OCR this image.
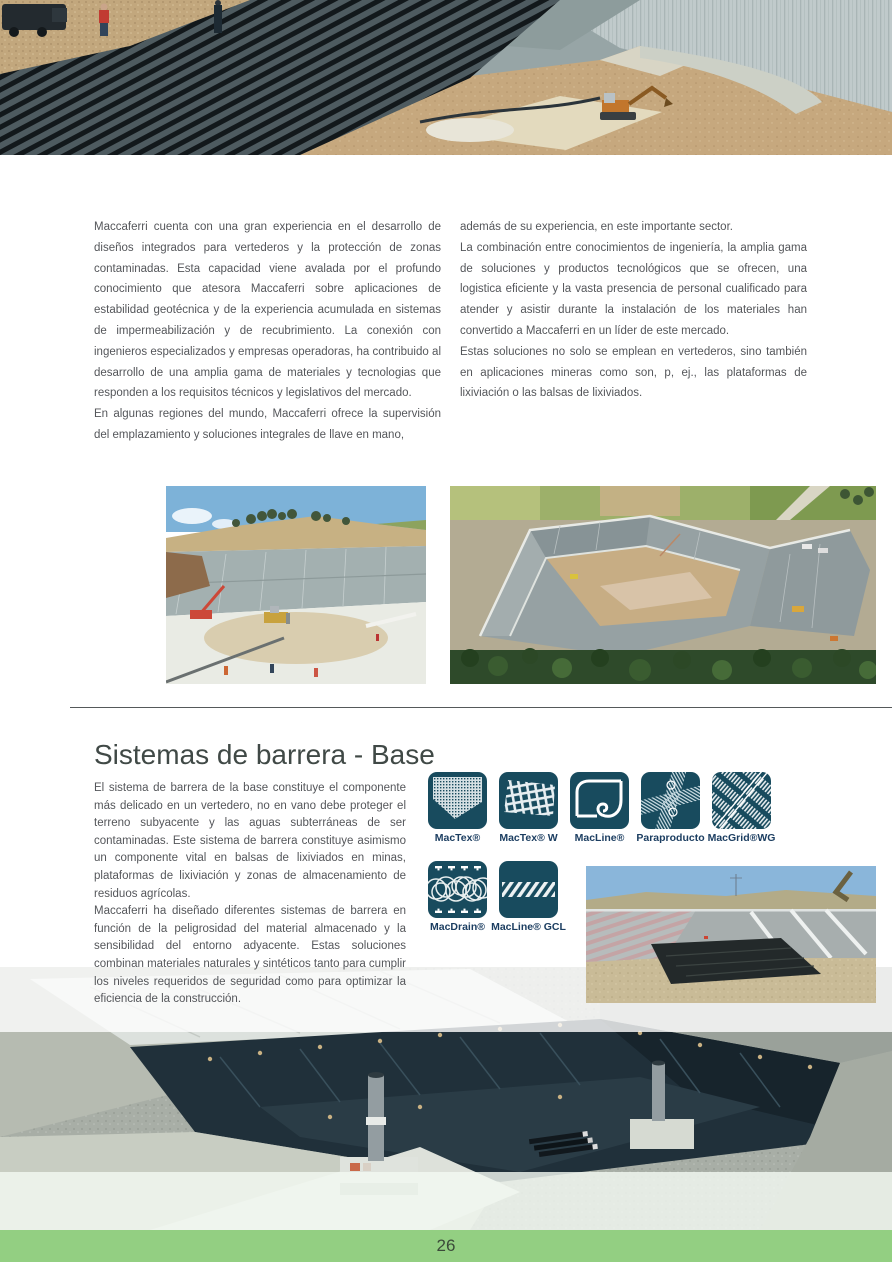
Maccaferri cuenta con una gran experiencia en el desarrollo de diseños integrados para vertederos y la protección de zonas contaminadas. Esta capacidad viene avalada por el profundo conocimiento que atesora Maccaferri sobre aplicaciones de estabilidad geotécnica y de la experiencia acumulada en sistemas de impermeabilización y de recubrimiento. La conexión con ingenieros especializados y empresas operadoras, ha contribuido al desarrollo de una amplia gama de materiales y tecnologias que responden a los requisitos técnicos y legislativos del mercado.

En algunas regiones del mundo, Maccaferri ofrece la supervisión del emplazamiento y soluciones integrales de llave en mano,

además de su experiencia, en este importante sector.

La combinación entre conocimientos de ingeniería, la amplia gama de soluciones y productos tecnológicos que se ofrecen, una logistica eficiente y la vasta presencia de personal cualificado para atender y asistir durante la instalación de los materiales han convertido a Maccaferri en un líder de este mercado.

Estas soluciones no solo se emplean en vertederos, sino también en aplicaciones mineras como son, p, ej., las plataformas de lixiviación o las balsas de lixiviados.

Sistemas de barrera - Base

El sistema de barrera de la base constituye el componente más delicado en un vertedero, no en vano debe proteger el terreno subyacente y las aguas subterráneas de ser contaminadas. Este sistema de barrera constituye asimismo un componente vital en balsas de lixiviados en minas, plataformas de lixiviación y zonas de almacenamiento de residuos agrícolas.

Maccaferri ha diseñado diferentes sistemas de barrera en función de la peligrosidad del material almacenado y la sensibilidad del entorno adyacente. Estas soluciones combinan materiales naturales y sintéticos tanto para cumplir los niveles requeridos de seguridad como para optimizar la eficiencia de la construcción.

MacTex® MacTex® W MacLine® Paraproducto MacGrid®WG
MacDrain® MacLine® GCL
26
